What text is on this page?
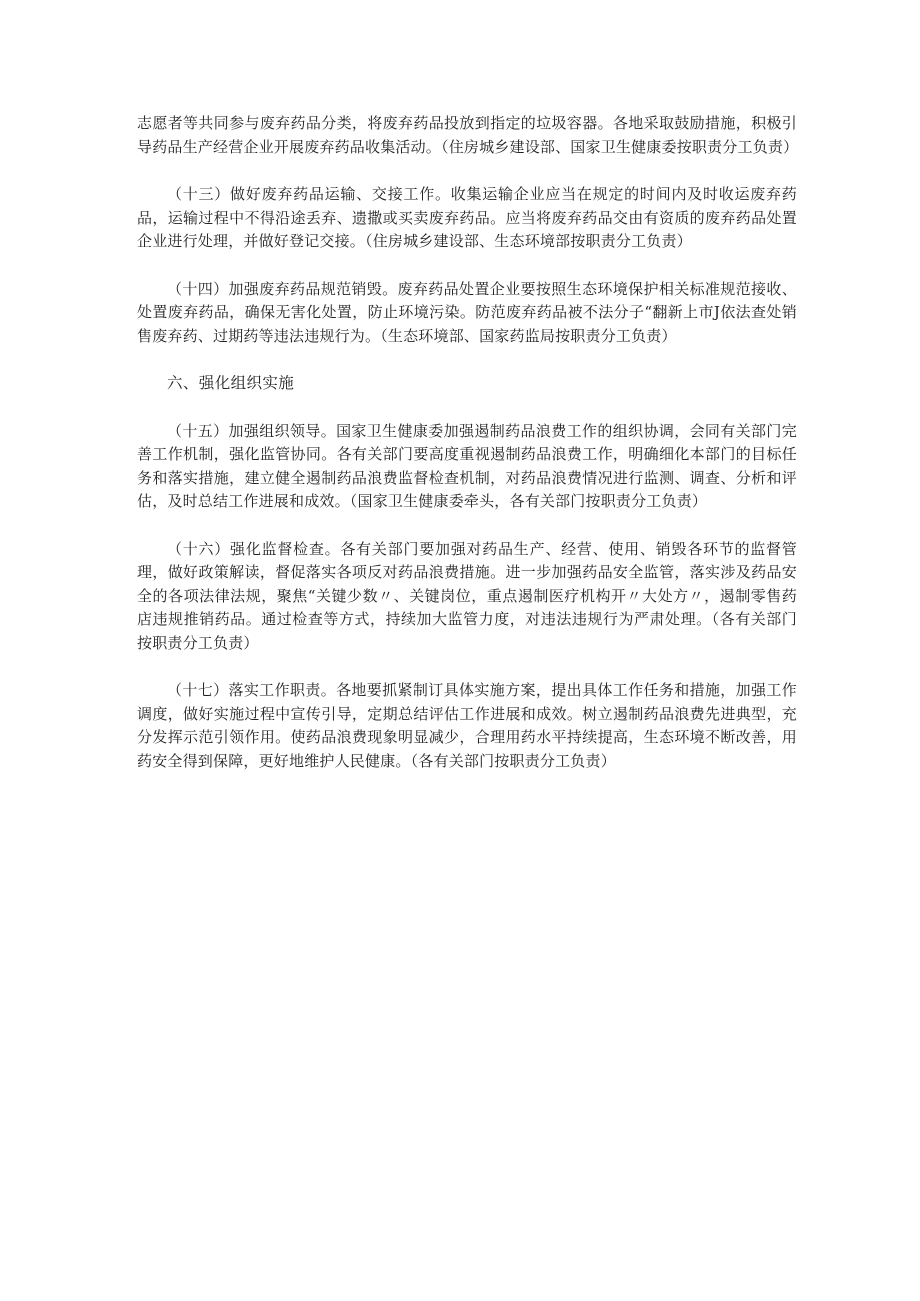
志愿者等共同参与废弃药品分类，将废弃药品投放到指定的垃圾容器。各地采取鼓励措施，积极引导药品生产经营企业开展废弃药品收集活动。（住房城乡建设部、国家卫生健康委按职责分工负责）

（十三）做好废弃药品运输、交接工作。收集运输企业应当在规定的时间内及时收运废弃药品，运输过程中不得沿途丢弃、遗撒或买卖废弃药品。应当将废弃药品交由有资质的废弃药品处置企业进行处理，并做好登记交接。（住房城乡建设部、生态环境部按职责分工负责）

（十四）加强废弃药品规范销毁。废弃药品处置企业要按照生态环境保护相关标准规范接收、处置废弃药品，确保无害化处置，防止环境污染。防范废弃药品被不法分子“翻新上市J依法查处销售废弃药、过期药等违法违规行为。（生态环境部、国家药监局按职责分工负责）

六、强化组织实施

（十五）加强组织领导。国家卫生健康委加强遏制药品浪费工作的组织协调，会同有关部门完善工作机制，强化监管协同。各有关部门要高度重视遏制药品浪费工作，明确细化本部门的目标任务和落实措施，建立健全遏制药品浪费监督检查机制，对药品浪费情况进行监测、调查、分析和评估，及时总结工作进展和成效。（国家卫生健康委牵头，各有关部门按职责分工负责）

（十六）强化监督检查。各有关部门要加强对药品生产、经营、使用、销毁各环节的监督管理，做好政策解读，督促落实各项反对药品浪费措施。进一步加强药品安全监管，落实涉及药品安全的各项法律法规，聚焦“关键少数〃、关键岗位，重点遏制医疗机构开〃大处方〃，遏制零售药店违规推销药品。通过检查等方式，持续加大监管力度，对违法违规行为严肃处理。（各有关部门按职责分工负责）

（十七）落实工作职责。各地要抓紧制订具体实施方案，提出具体工作任务和措施，加强工作调度，做好实施过程中宣传引导，定期总结评估工作进展和成效。树立遏制药品浪费先进典型，充分发挥示范引领作用。使药品浪费现象明显减少，合理用药水平持续提高，生态环境不断改善，用药安全得到保障，更好地维护人民健康。（各有关部门按职责分工负责）
